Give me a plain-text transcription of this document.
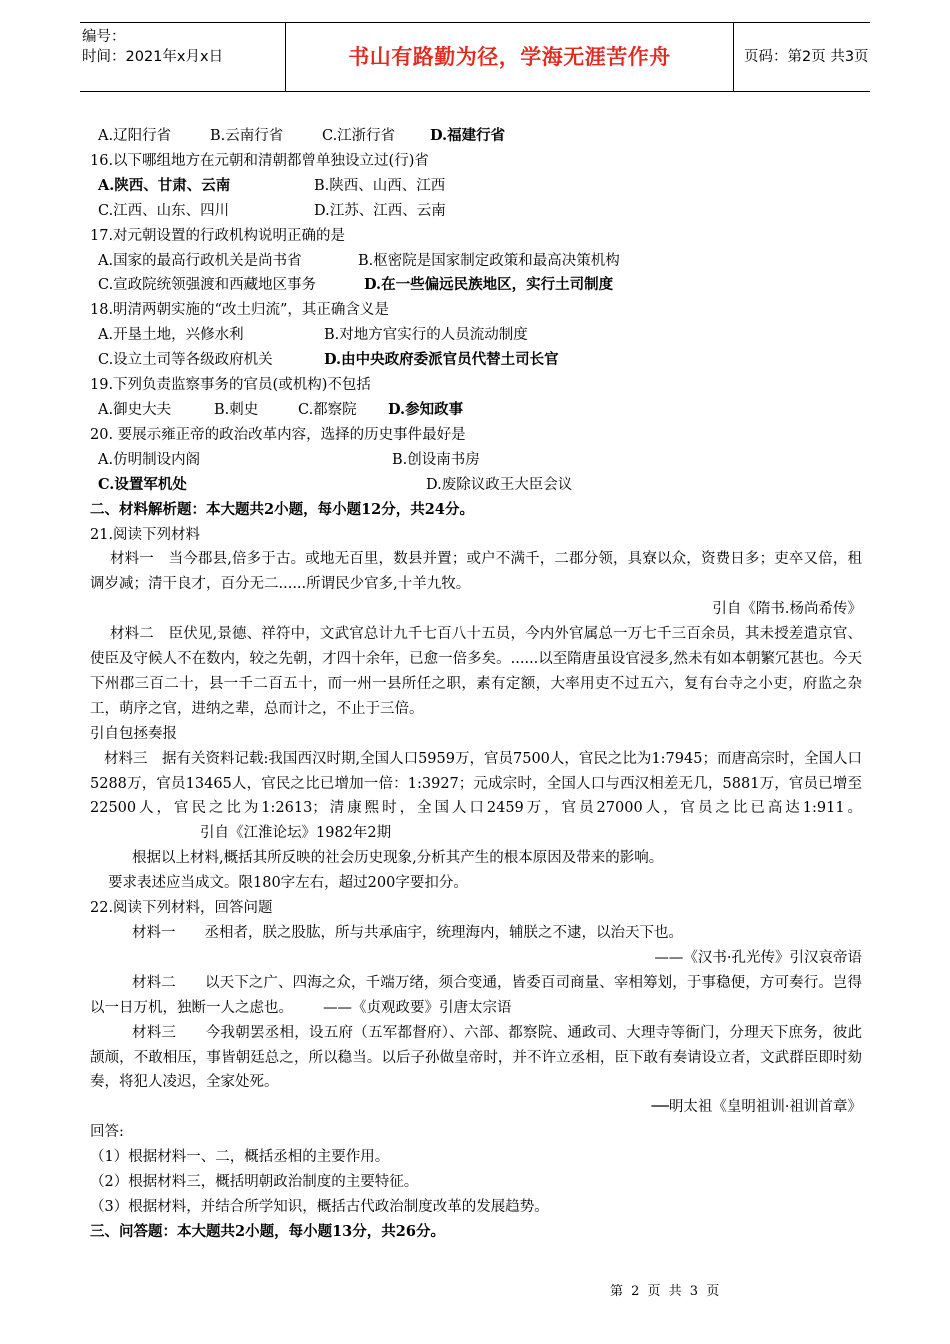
编号：
时间：2021年x月x日	书山有路勤为径，学海无涯苦作舟	页码：第2页 共3页
A.辽阳行省	B.云南行省	C.江浙行省 D.福建行省
16.以下哪组地方在元朝和清朝都曾单独设立过(行)省
A.陕西、甘肃、云南	B.陕西、山西、江西
C.江西、山东、四川	D.江苏、江西、云南
17.对元朝设置的行政机构说明正确的是
A.国家的最高行政机关是尚书省	B.枢密院是国家制定政策和最高决策机构
C.宣政院统领强渡和西藏地区事务	D.在一些偏远民族地区，实行土司制度
18.明清两朝实施的“改土归流”，其正确含义是
A.开垦土地，兴修水利	B.对地方官实行的人员流动制度
C.设立土司等各级政府机关	D.由中央政府委派官员代替土司长官
19.下列负责监察事务的官员(或机构)不包括
A.御史大夫	B.刺史	C.都察院 D.参知政事
20. 要展示雍正帝的政治改革内容，选择的历史事件最好是
A.仿明制设内阁	B.创设南书房
C.设置军机处	D.废除议政王大臣会议
二、材料解析题：本大题共2小题，每小题12分，共24分。
21.阅读下列材料
材料一　当今郡县,倍多于古。或地无百里，数县并置；或户不满千，二郡分领，具寮以众，资费日多；吏卒又倍，租调岁减；清干良才，百分无二......所谓民少官多,十羊九牧。
引自《隋书.杨尚希传》
材料二　臣伏见,景德、祥符中，文武官总计九千七百八十五员，今内外官属总一万七千三百余员，其未授差遣京官、使臣及守候人不在数内，较之先朝，才四十余年，已愈一倍多矣。......以至隋唐虽设官浸多,然未有如本朝繁冗甚也。今天下州郡三百二十，县一千二百五十，而一州一县所任之职，素有定额，大率用吏不过五六，复有台寺之小吏，府监之杂工，萌序之官，进纳之辈，总而计之，不止于三倍。
引自包拯奏报
材料三　据有关资料记载:我国西汉时期,全国人口5959万，官员7500人，官民之比为1:7945；而唐高宗时，全国人口5288万，官员13465人，官民之比已增加一倍：1:3927；元成宗时，全国人口与西汉相差无几，5881万，官员已增至22500人，官民之比为1:2613；清康熙时，全国人口2459万，官员27000人，官员之比已高达1:911。引自《江淮论坛》1982年2期
根据以上材料,概括其所反映的社会历史现象,分析其产生的根本原因及带来的影响。
要求表述应当成文。限180字左右，超过200字要扣分。
22.阅读下列材料，回答问题
材料一　　丞相者，朕之股肱，所与共承庙宇，统理海内，辅朕之不逮，以治天下也。
——《汉书·孔光传》引汉哀帝语
材料二　　以天下之广、四海之众，千端万绪，须合变通，皆委百司商量、宰相筹划，于事稳便，方可奏行。岂得以一日万机，独断一人之虑也。 ——《贞观政要》引唐太宗语
材料三　　今我朝罢丞相，设五府（五军都督府）、六部、都察院、通政司、大理寺等衙门，分理天下庶务，彼此颉颃，不敢相压，事皆朝廷总之，所以稳当。以后子孙做皇帝时，并不许立丞相，臣下敢有奏请设立者，文武群臣即时劾奏，将犯人凌迟，全家处死。
──明太祖《皇明祖训·祖训首章》
回答:
（1）根据材料一、二，概括丞相的主要作用。
（2）根据材料三，概括明朝政治制度的主要特征。
（3）根据材料，并结合所学知识，概括古代政治制度改革的发展趋势。
三、问答题：本大题共2小题，每小题13分，共26分。
第 2 页 共 3 页
